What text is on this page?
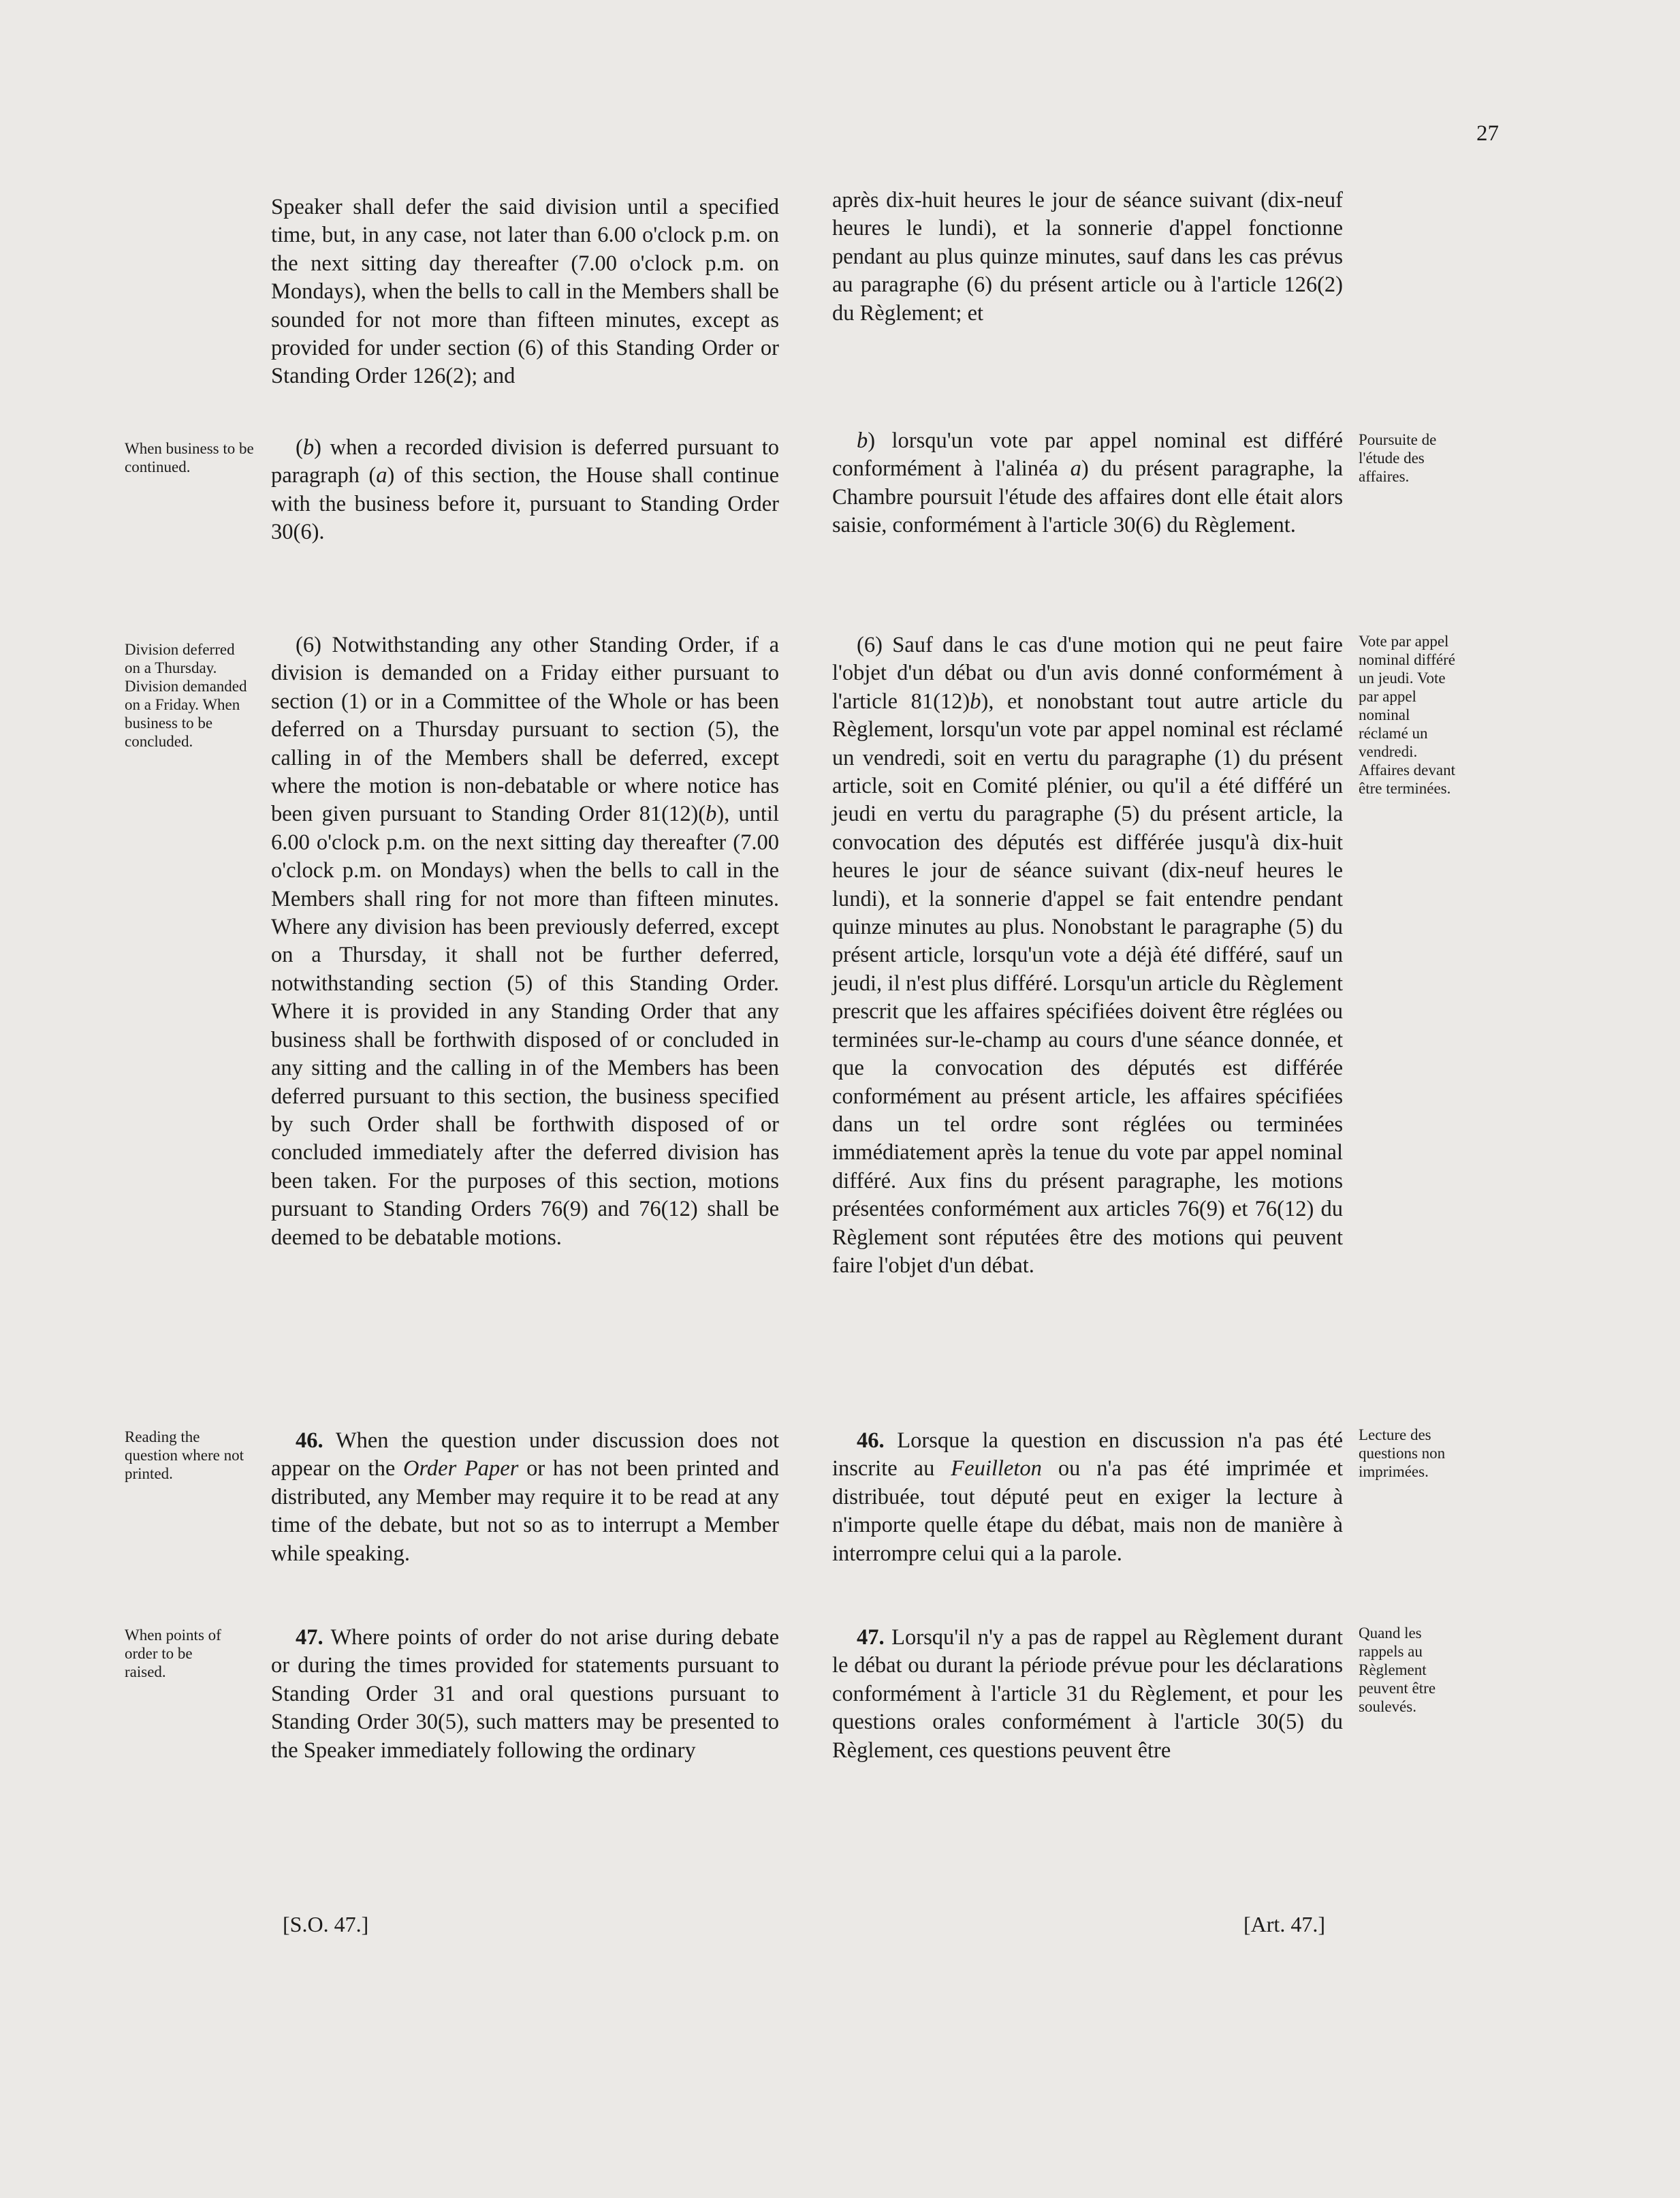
27

Speaker shall defer the said division until a specified time, but, in any case, not later than 6.00 o'clock p.m. on the next sitting day thereafter (7.00 o'clock p.m. on Mondays), when the bells to call in the Members shall be sounded for not more than fifteen minutes, except as provided for under section (6) of this Standing Order or Standing Order 126(2); and

(b) when a recorded division is deferred pursuant to paragraph (a) of this section, the House shall continue with the business before it, pursuant to Standing Order 30(6).

(6) Notwithstanding any other Standing Order, if a division is demanded on a Friday either pursuant to section (1) or in a Committee of the Whole or has been deferred on a Thursday pursuant to section (5), the calling in of the Members shall be deferred, except where the motion is non-debatable or where notice has been given pursuant to Standing Order 81(12)(b), until 6.00 o'clock p.m. on the next sitting day thereafter (7.00 o'clock p.m. on Mondays) when the bells to call in the Members shall ring for not more than fifteen minutes. Where any division has been previously deferred, except on a Thursday, it shall not be further deferred, notwithstanding section (5) of this Standing Order. Where it is provided in any Standing Order that any business shall be forthwith disposed of or concluded in any sitting and the calling in of the Members has been deferred pursuant to this section, the business specified by such Order shall be forthwith disposed of or concluded immediately after the deferred division has been taken. For the purposes of this section, motions pursuant to Standing Orders 76(9) and 76(12) shall be deemed to be debatable motions.

46. When the question under discussion does not appear on the Order Paper or has not been printed and distributed, any Member may require it to be read at any time of the debate, but not so as to interrupt a Member while speaking.

47. Where points of order do not arise during debate or during the times provided for statements pursuant to Standing Order 31 and oral questions pursuant to Standing Order 30(5), such matters may be presented to the Speaker immediately following the ordinary

When business to be continued.
Division deferred on a Thursday. Division demanded on a Friday. When business to be concluded.
Reading the question where not printed.
When points of order to be raised.

après dix-huit heures le jour de séance suivant (dix-neuf heures le lundi), et la sonnerie d'appel fonctionne pendant au plus quinze minutes, sauf dans les cas prévus au paragraphe (6) du présent article ou à l'article 126(2) du Règlement; et

b) lorsqu'un vote par appel nominal est différé conformément à l'alinéa a) du présent paragraphe, la Chambre poursuit l'étude des affaires dont elle était alors saisie, conformément à l'article 30(6) du Règlement.

(6) Sauf dans le cas d'une motion qui ne peut faire l'objet d'un débat ou d'un avis donné conformément à l'article 81(12)b), et nonobstant tout autre article du Règlement, lorsqu'un vote par appel nominal est réclamé un vendredi, soit en vertu du paragraphe (1) du présent article, soit en Comité plénier, ou qu'il a été différé un jeudi en vertu du paragraphe (5) du présent article, la convocation des députés est différée jusqu'à dix-huit heures le jour de séance suivant (dix-neuf heures le lundi), et la sonnerie d'appel se fait entendre pendant quinze minutes au plus. Nonobstant le paragraphe (5) du présent article, lorsqu'un vote a déjà été différé, sauf un jeudi, il n'est plus différé. Lorsqu'un article du Règlement prescrit que les affaires spécifiées doivent être réglées ou terminées sur-le-champ au cours d'une séance donnée, et que la convocation des députés est différée conformément au présent article, les affaires spécifiées dans un tel ordre sont réglées ou terminées immédiatement après la tenue du vote par appel nominal différé. Aux fins du présent paragraphe, les motions présentées conformément aux articles 76(9) et 76(12) du Règlement sont réputées être des motions qui peuvent faire l'objet d'un débat.

46. Lorsque la question en discussion n'a pas été inscrite au Feuilleton ou n'a pas été imprimée et distribuée, tout député peut en exiger la lecture à n'importe quelle étape du débat, mais non de manière à interrompre celui qui a la parole.

47. Lorsqu'il n'y a pas de rappel au Règlement durant le débat ou durant la période prévue pour les déclarations conformément à l'article 31 du Règlement, et pour les questions orales conformément à l'article 30(5) du Règlement, ces questions peuvent être

Poursuite de l'étude des affaires.
Vote par appel nominal différé un jeudi. Vote par appel nominal réclamé un vendredi. Affaires devant être terminées.
Lecture des questions non imprimées.
Quand les rappels au Règlement peuvent être soulevés.
[S.O. 47.]	[Art. 47.]
